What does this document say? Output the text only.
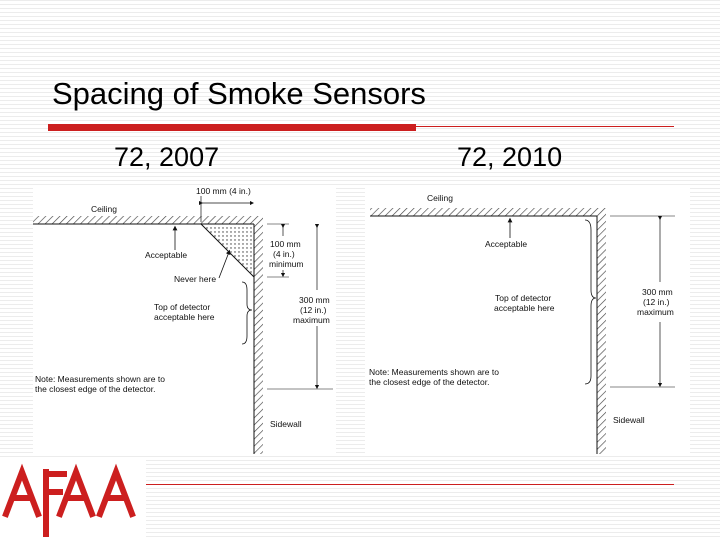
Spacing of Smoke Sensors
72, 2007	72, 2010
100 mm (4 in.)
Ceiling
Acceptable
Never here
Top of detector
acceptable here
100 mm
(4 in.)
minimum
300 mm
(12 in.)
maximum
Note: Measurements shown are to
the closest edge of the detector.
Sidewall
Ceiling
Acceptable
Top of detector
acceptable here
300 mm
(12 in.)
maximum
Note: Measurements shown are to
the closest edge of the detector.
Sidewall
